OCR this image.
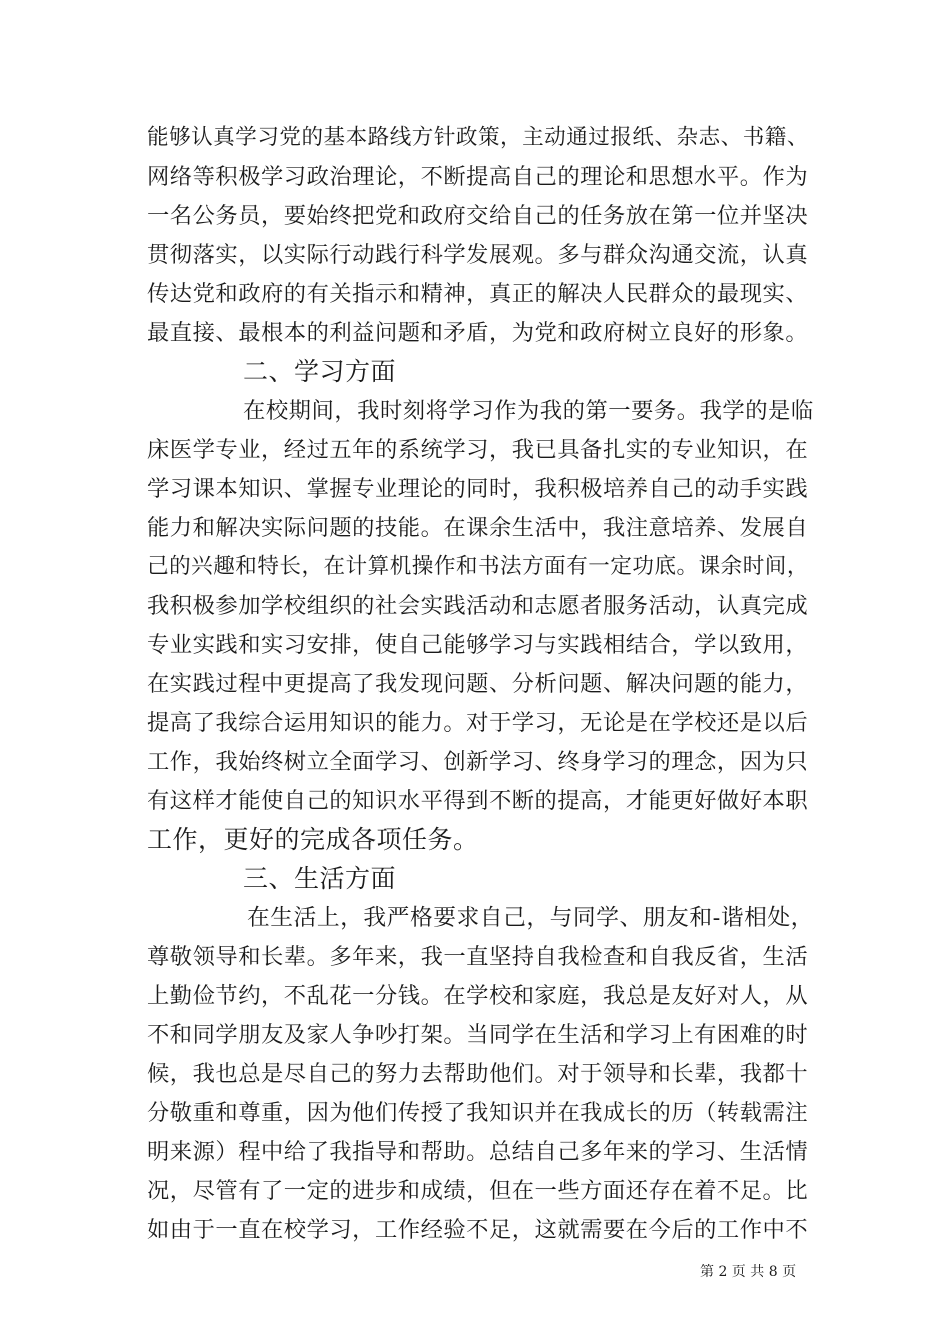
能够认真学习党的基本路线方针政策，主动通过报纸、杂志、书籍、
网络等积极学习政治理论，不断提高自己的理论和思想水平。作为
一名公务员，要始终把党和政府交给自己的任务放在第一位并坚决
贯彻落实，以实际行动践行科学发展观。多与群众沟通交流，认真
传达党和政府的有关指示和精神，真正的解决人民群众的最现实、
最直接、最根本的利益问题和矛盾，为党和政府树立良好的形象。
二、学习方面
在校期间，我时刻将学习作为我的第一要务。我学的是临
床医学专业，经过五年的系统学习，我已具备扎实的专业知识，在
学习课本知识、掌握专业理论的同时，我积极培养自己的动手实践
能力和解决实际问题的技能。在课余生活中，我注意培养、发展自
己的兴趣和特长，在计算机操作和书法方面有一定功底。课余时间，
我积极参加学校组织的社会实践活动和志愿者服务活动，认真完成
专业实践和实习安排，使自己能够学习与实践相结合，学以致用，
在实践过程中更提高了我发现问题、分析问题、解决问题的能力，
提高了我综合运用知识的能力。对于学习，无论是在学校还是以后
工作，我始终树立全面学习、创新学习、终身学习的理念，因为只
有这样才能使自己的知识水平得到不断的提高，才能更好做好本职
工作，更好的完成各项任务。
三、生活方面
在生活上，我严格要求自己，与同学、朋友和-谐相处，
尊敬领导和长辈。多年来，我一直坚持自我检查和自我反省，生活
上勤俭节约，不乱花一分钱。在学校和家庭，我总是友好对人，从
不和同学朋友及家人争吵打架。当同学在生活和学习上有困难的时
候，我也总是尽自己的努力去帮助他们。对于领导和长辈，我都十
分敬重和尊重，因为他们传授了我知识并在我成长的历（转载需注
明来源）程中给了我指导和帮助。总结自己多年来的学习、生活情
况，尽管有了一定的进步和成绩，但在一些方面还存在着不足。比
如由于一直在校学习，工作经验不足，这就需要在今后的工作中不
第 2 页 共 8 页
